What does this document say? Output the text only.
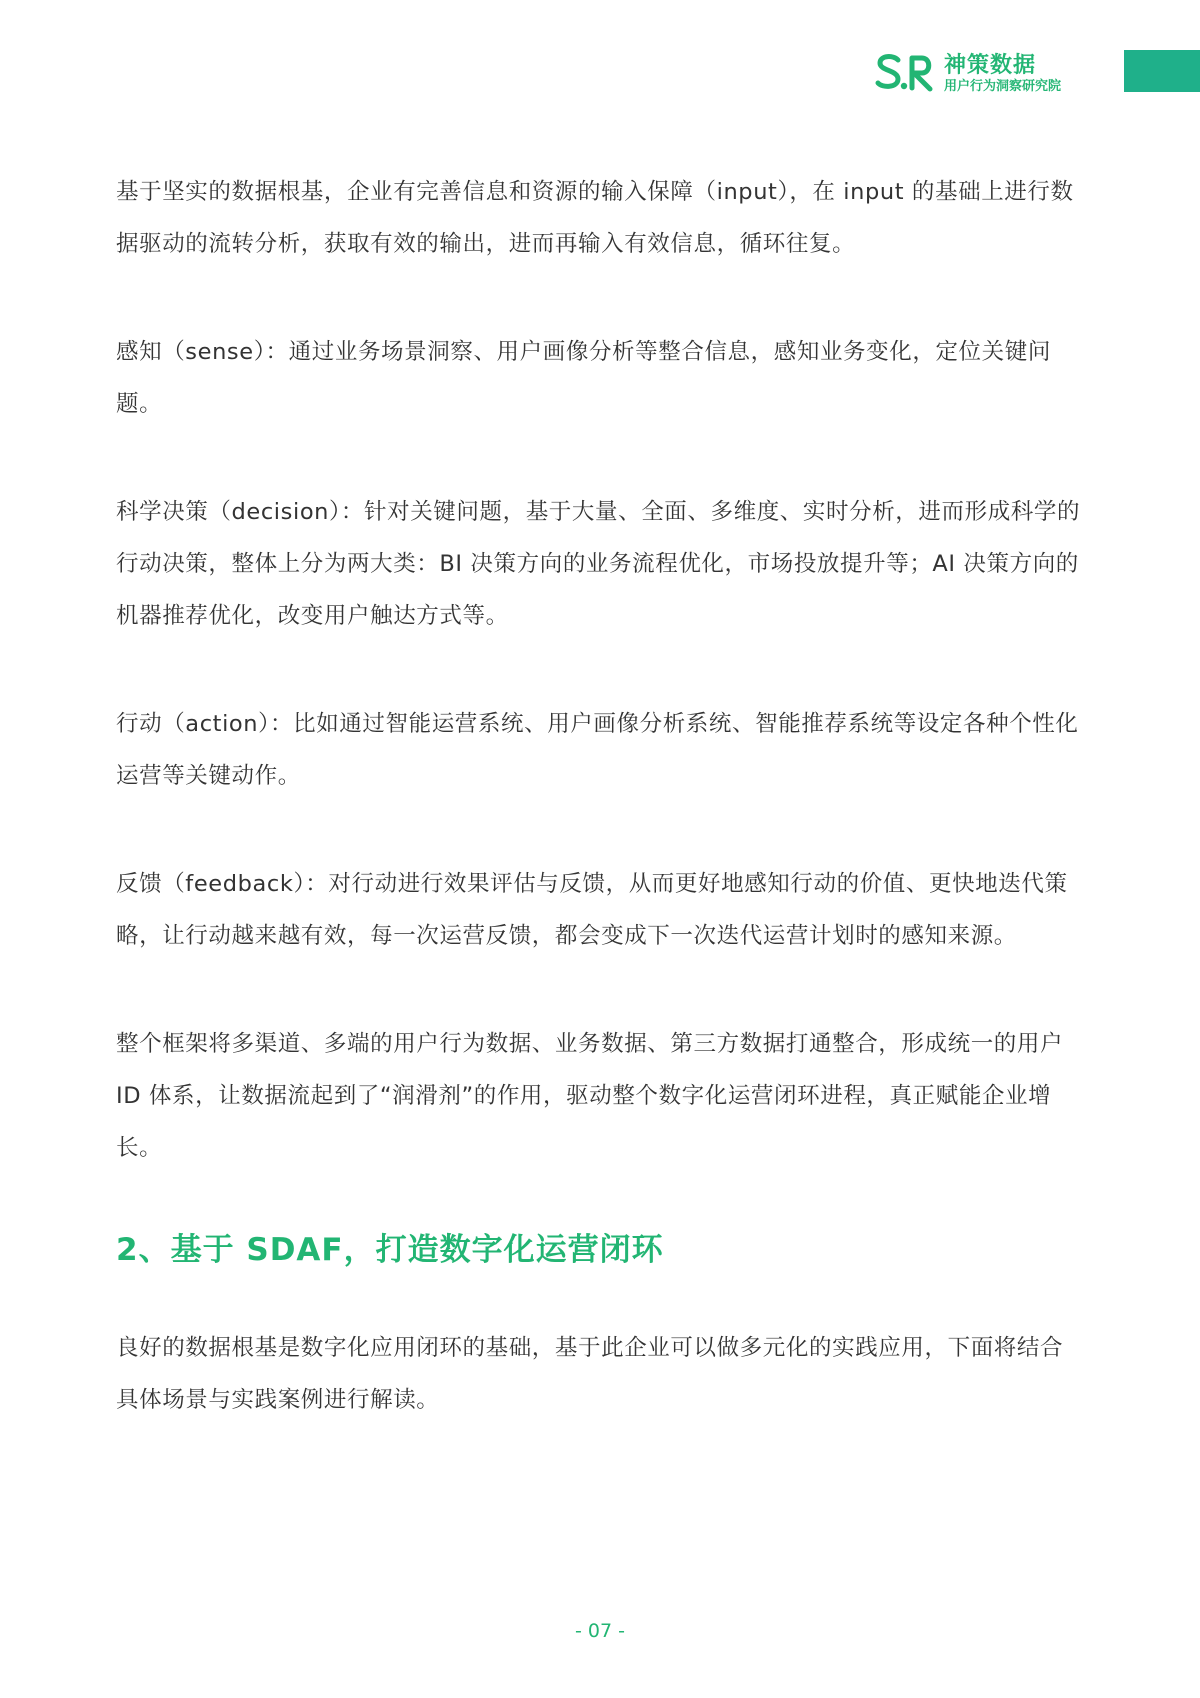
神策数据
用户行为洞察研究院

基于坚实的数据根基，企业有完善信息和资源的输入保障（input），在 input 的基础上进行数据驱动的流转分析，获取有效的输出，进而再输入有效信息，循环往复。

感知（sense）：通过业务场景洞察、用户画像分析等整合信息，感知业务变化，定位关键问题。

科学决策（decision）：针对关键问题，基于大量、全面、多维度、实时分析，进而形成科学的行动决策，整体上分为两大类：BI 决策方向的业务流程优化，市场投放提升等；AI 决策方向的机器推荐优化，改变用户触达方式等。

行动（action）：比如通过智能运营系统、用户画像分析系统、智能推荐系统等设定各种个性化运营等关键动作。

反馈（feedback）：对行动进行效果评估与反馈，从而更好地感知行动的价值、更快地迭代策略，让行动越来越有效，每一次运营反馈，都会变成下一次迭代运营计划时的感知来源。

整个框架将多渠道、多端的用户行为数据、业务数据、第三方数据打通整合，形成统一的用户 ID 体系，让数据流起到了“润滑剂”的作用，驱动整个数字化运营闭环进程，真正赋能企业增长。

2、基于 SDAF，打造数字化运营闭环

良好的数据根基是数字化应用闭环的基础，基于此企业可以做多元化的实践应用，下面将结合具体场景与实践案例进行解读。

- 07 -
